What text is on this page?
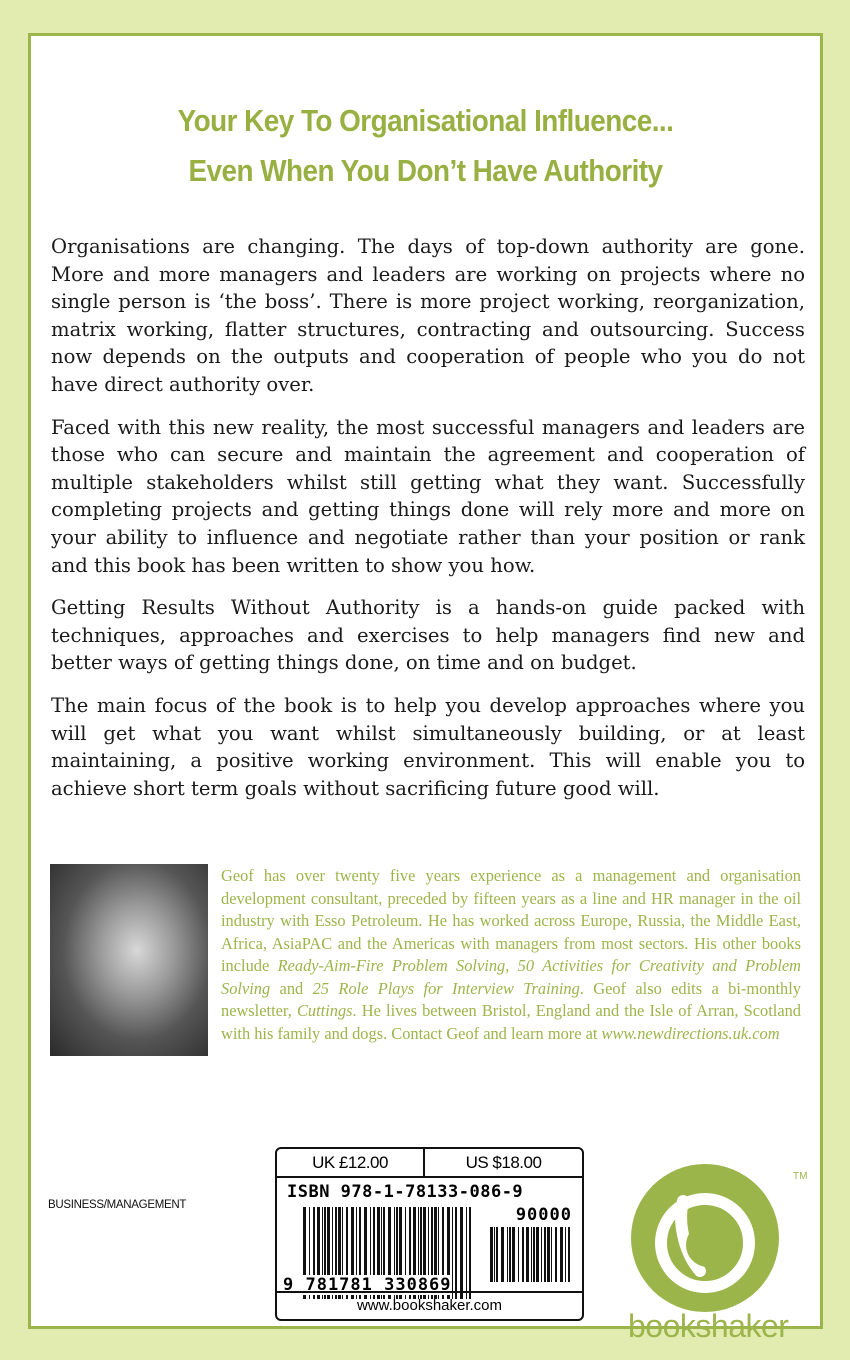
Your Key To Organisational Influence...
Even When You Don’t Have Authority

Organisations are changing. The days of top-down authority are gone. More and more managers and leaders are working on projects where no single person is ‘the boss’. There is more project working, reorganization, matrix working, flatter structures, contracting and outsourcing. Success now depends on the outputs and cooperation of people who you do not have direct authority over.

Faced with this new reality, the most successful managers and leaders are those who can secure and maintain the agreement and cooperation of multiple stakeholders whilst still getting what they want. Successfully completing projects and getting things done will rely more and more on your ability to influence and negotiate rather than your position or rank and this book has been written to show you how.

Getting Results Without Authority is a hands-on guide packed with techniques, approaches and exercises to help managers find new and better ways of getting things done, on time and on budget.

The main focus of the book is to help you develop approaches where you will get what you want whilst simultaneously building, or at least maintaining, a positive working environment. This will enable you to achieve short term goals without sacrificing future good will.

Geof has over twenty five years experience as a management and organisation development consultant, preceded by fifteen years as a line and HR manager in the oil industry with Esso Petroleum. He has worked across Europe, Russia, the Middle East, Africa, AsiaPAC and the Americas with managers from most sectors. His other books include Ready-Aim-Fire Problem Solving, 50 Activities for Creativity and Problem Solving and 25 Role Plays for Interview Training. Geof also edits a bi-monthly newsletter, Cuttings. He lives between Bristol, England and the Isle of Arran, Scotland with his family and dogs. Contact Geof and learn more at www.newdirections.uk.com
BUSINESS/MANAGEMENT
UK £12.00	US $18.00
ISBN 978-1-78133-086-9
90000
9 781781 330869
www.bookshaker.com
TM
bookshaker
